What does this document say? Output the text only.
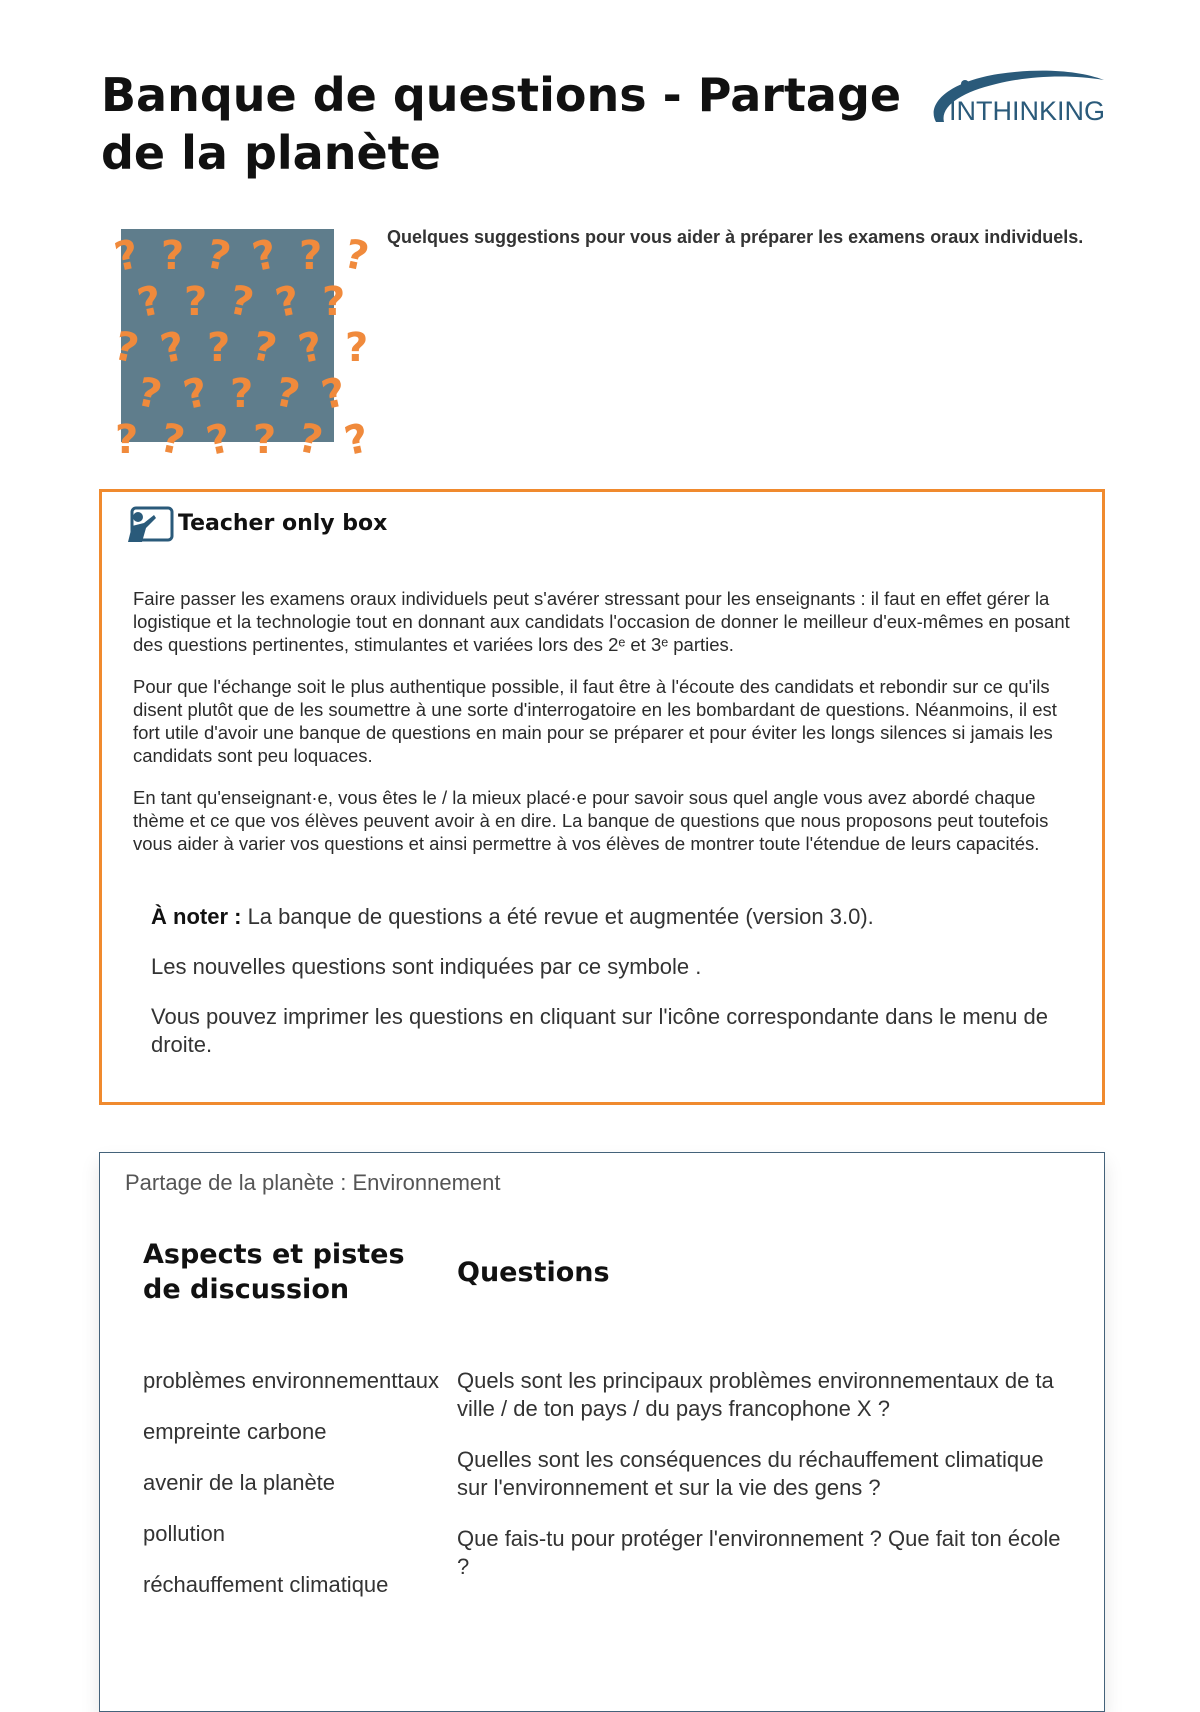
Banque de questions - Partage de la planète
INTHINKING
? ? ? ? ? ?
? ? ? ? ?
? ? ? ? ? ?
? ? ? ? ?
? ? ? ? ? ?

Quelques suggestions pour vous aider à préparer les examens oraux individuels.

Teacher only box

Faire passer les examens oraux individuels peut s'avérer stressant pour les enseignants : il faut en effet gérer la logistique et la technologie tout en donnant aux candidats l'occasion de donner le meilleur d'eux-mêmes en posant des questions pertinentes, stimulantes et variées lors des 2ᵉ et 3ᵉ parties.

Pour que l'échange soit le plus authentique possible, il faut être à l'écoute des candidats et rebondir sur ce qu'ils disent plutôt que de les soumettre à une sorte d'interrogatoire en les bombardant de questions. Néanmoins, il est fort utile d'avoir une banque de questions en main pour se préparer et pour éviter les longs silences si jamais les candidats sont peu loquaces.

En tant qu'enseignant·e, vous êtes le / la mieux placé·e pour savoir sous quel angle vous avez abordé chaque thème et ce que vos élèves peuvent avoir à en dire. La banque de questions que nous proposons peut toutefois vous aider à varier vos questions et ainsi permettre à vos élèves de montrer toute l'étendue de leurs capacités.

À noter : La banque de questions a été revue et augmentée (version 3.0).

Les nouvelles questions sont indiquées par ce symbole .

Vous pouvez imprimer les questions en cliquant sur l'icône correspondante dans le menu de droite.

Partage de la planète : Environnement
Aspects et pistes de discussion
Questions
problèmes environnementtaux
empreinte carbone
avenir de la planète
pollution
réchauffement climatique
Quels sont les principaux problèmes environnementaux de ta ville / de ton pays / du pays francophone X ?
Quelles sont les conséquences du réchauffement climatique sur l'environnement et sur la vie des gens ?
Que fais-tu pour protéger l'environnement ? Que fait ton école ?
